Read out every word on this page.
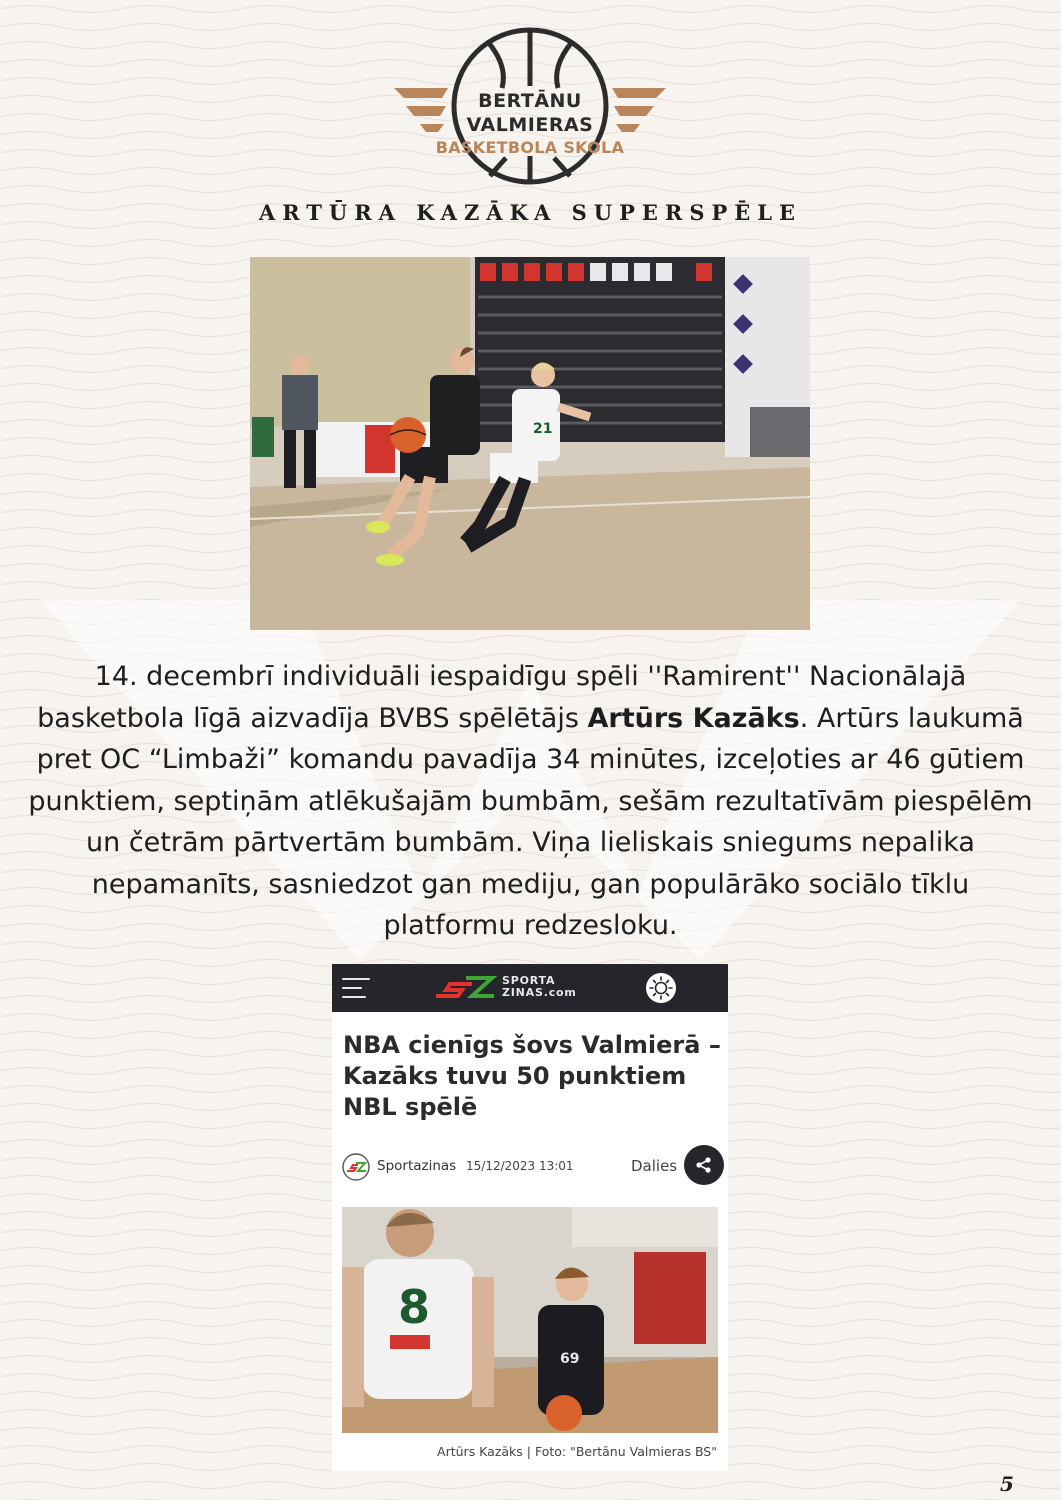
BERTĀNU
VALMIERAS
BASKETBOLA SKOLA
ARTŪRA KAZĀKA SUPERSPĒLE
21

14. decembrī individuāli iespaidīgu spēli ''Ramirent'' Nacionālajā basketbola līgā aizvadīja BVBS spēlētājs Artūrs Kazāks. Artūrs laukumā pret OC “Limbaži” komandu pavadīja 34 minūtes, izceļoties ar 46 gūtiem punktiem, septiņām atlēkušajām bumbām, sešām rezultatīvām piespēlēm un četrām pārtvertām bumbām. Viņa lieliskais sniegums nepalika nepamanīts, sasniedzot gan mediju, gan populārāko sociālo tīklu platformu redzesloku.

SPORTA
ZINAS.com
NBA cienīgs šovs Valmierā – Kazāks tuvu 50 punktiem NBL spēlē
Sportazinas 15/12/2023 13:01	Dalies
8
69
Artūrs Kazāks | Foto: "Bertānu Valmieras BS"
5
